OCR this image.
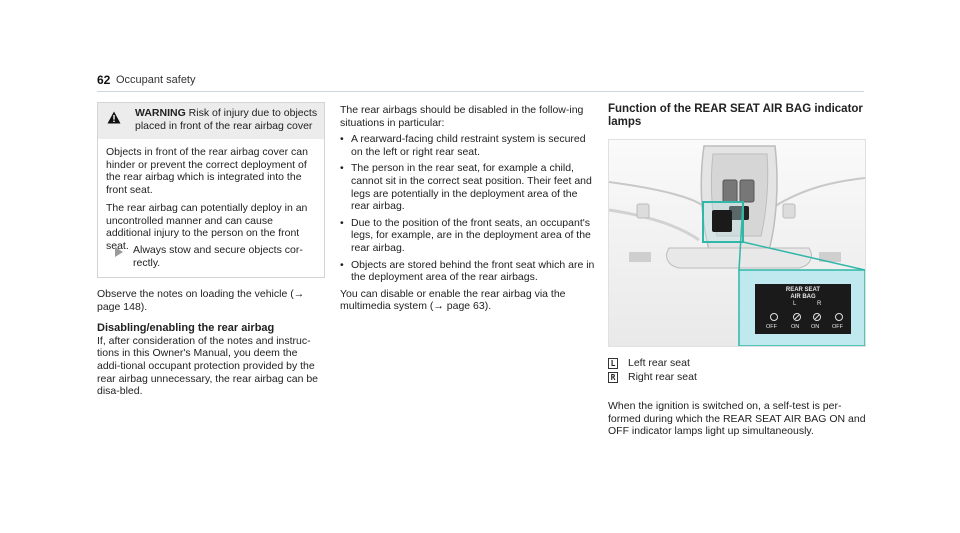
62 Occupant safety
WARNING Risk of injury due to objects placed in front of the rear airbag cover

Objects in front of the rear airbag cover can hinder or prevent the correct deployment of the rear airbag which is integrated into the front seat.

The rear airbag can potentially deploy in an uncontrolled manner and can cause additional injury to the person on the front seat. Always stow and secure objects cor-rectly.

Observe the notes on loading the vehicle (→ page 148).

Disabling/enabling the rear airbag

If, after consideration of the notes and instruc-tions in this Owner's Manual, you deem the addi-tional occupant protection provided by the rear airbag unnecessary, the rear airbag can be disa-bled.

The rear airbags should be disabled in the follow-ing situations in particular:

• A rearward-facing child restraint system is secured on the left or right rear seat.
• The person in the rear seat, for example a child, cannot sit in the correct seat position. Their feet and legs are potentially in the deployment area of the rear airbag.
• Due to the position of the front seats, an occupant's legs, for example, are in the deployment area of the rear airbag.
• Objects are stored behind the front seat which are in the deployment area of the rear airbags.

You can disable or enable the rear airbag via the multimedia system (→ page 63).

Function of the REAR SEAT AIR BAG indicator lamps
REAR SEAT
AIR BAG
L	R
OFF	ON ON OFF
L Left rear seat
R Right rear seat
When the ignition is switched on, a self-test is per-formed during which the REAR SEAT AIR BAG ON and OFF indicator lamps light up simultaneously.
